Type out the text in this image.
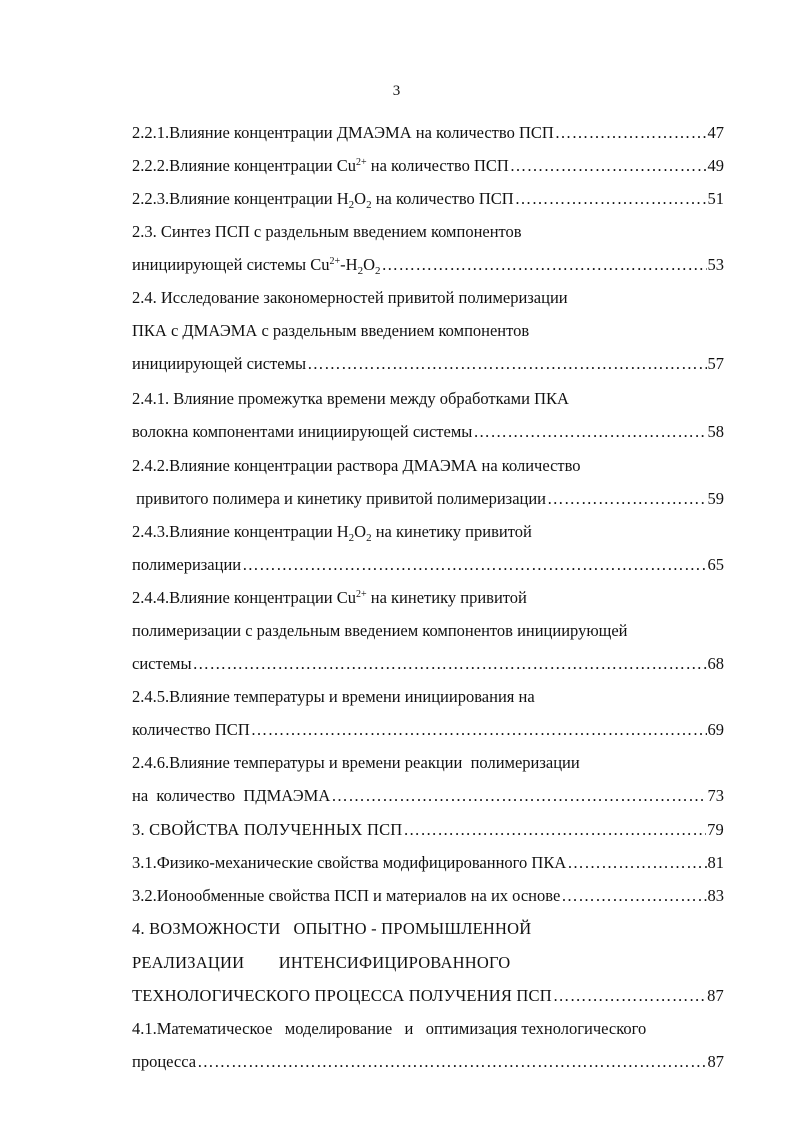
3
2.2.1.Влияние концентрации ДМАЭМА на количество ПСП …………………………………………………………………………………………………………………………………………………………………………	47
2.2.2.Влияние концентрации $Cu^{2+}$ на количество ПСП …………………………………………………………………………………………………………………………………………………………………………	49
2.2.3.Влияние концентрации $H_2O_2$ на количество ПСП …………………………………………………………………………………………………………………………………………………………………………	51
2.3. Синтез ПСП с раздельным введением компонентов
инициирующей системы $Cu^{2+}-H_2O_2$ …………………………………………………………………………………………………………………………………………………………………………	53
2.4. Исследование закономерностей привитой полимеризации
ПКА с ДМАЭМА с раздельным введением компонентов
инициирующей системы …………………………………………………………………………………………………………………………………………………………………………	57
2.4.1. Влияние промежутка времени между обработками ПКА
волокна компонентами инициирующей системы …………………………………………………………………………………………………………………………………………………………………………	58
2.4.2.Влияние концентрации раствора ДМАЭМА на количество
привитого полимера и кинетику привитой полимеризации …………………………………………………………………………………………………………………………………………………………………………	59
2.4.3.Влияние концентрации $H_2O_2$ на кинетику привитой
полимеризации …………………………………………………………………………………………………………………………………………………………………………	65
2.4.4.Влияние концентрации $Cu^{2+}$ на кинетику привитой
полимеризации с раздельным введением компонентов инициирующей
системы …………………………………………………………………………………………………………………………………………………………………………	68
2.4.5.Влияние температуры и времени инициирования на
количество ПСП …………………………………………………………………………………………………………………………………………………………………………	69
2.4.6.Влияние температуры и времени реакции  полимеризации
на  количество  ПДМАЭМА …………………………………………………………………………………………………………………………………………………………………………	73
3. СВОЙСТВА ПОЛУЧЕННЫХ ПСП …………………………………………………………………………………………………………………………………………………………………………	79
3.1.Физико-механические свойства модифицированного ПКА …………………………………………………………………………………………………………………………………………………………………………	81
3.2.Ионообменные свойства ПСП и материалов на их основе …………………………………………………………………………………………………………………………………………………………………………	83
4. ВОЗМОЖНОСТИ   ОПЫТНО - ПРОМЫШЛЕННОЙ
РЕАЛИЗАЦИИ        ИНТЕНСИФИЦИРОВАННОГО
ТЕХНОЛОГИЧЕСКОГО ПРОЦЕССА ПОЛУЧЕНИЯ ПСП …………………………………………………………………………………………………………………………………………………………………………	87
4.1.Математическое   моделирование   и   оптимизация технологического
процесса …………………………………………………………………………………………………………………………………………………………………………	87
